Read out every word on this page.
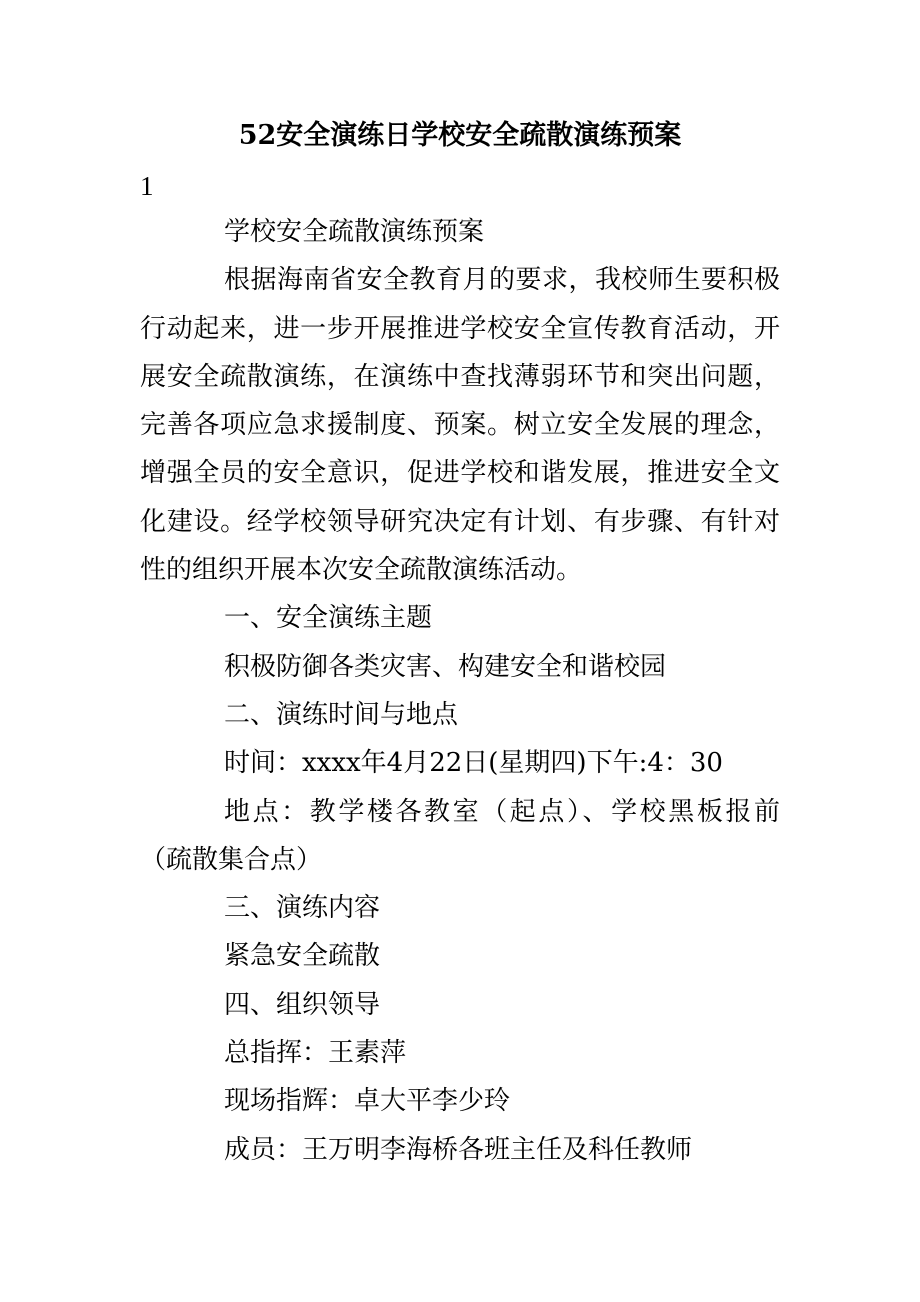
52安全演练日学校安全疏散演练预案
1

学校安全疏散演练预案

根据海南省安全教育月的要求，我校师生要积极行动起来，进一步开展推进学校安全宣传教育活动，开展安全疏散演练，在演练中查找薄弱环节和突出问题，完善各项应急求援制度、预案。树立安全发展的理念，增强全员的安全意识，促进学校和谐发展，推进安全文化建设。经学校领导研究决定有计划、有步骤、有针对性的组织开展本次安全疏散演练活动。

一、安全演练主题

积极防御各类灾害、构建安全和谐校园

二、演练时间与地点

时间：xxxx年4月22日(星期四)下午:4：30

地点：教学楼各教室（起点）、学校黑板报前（疏散集合点）

三、演练内容

紧急安全疏散

四、组织领导

总指挥：王素萍

现场指辉：卓大平李少玲

成员：王万明李海桥各班主任及科任教师
